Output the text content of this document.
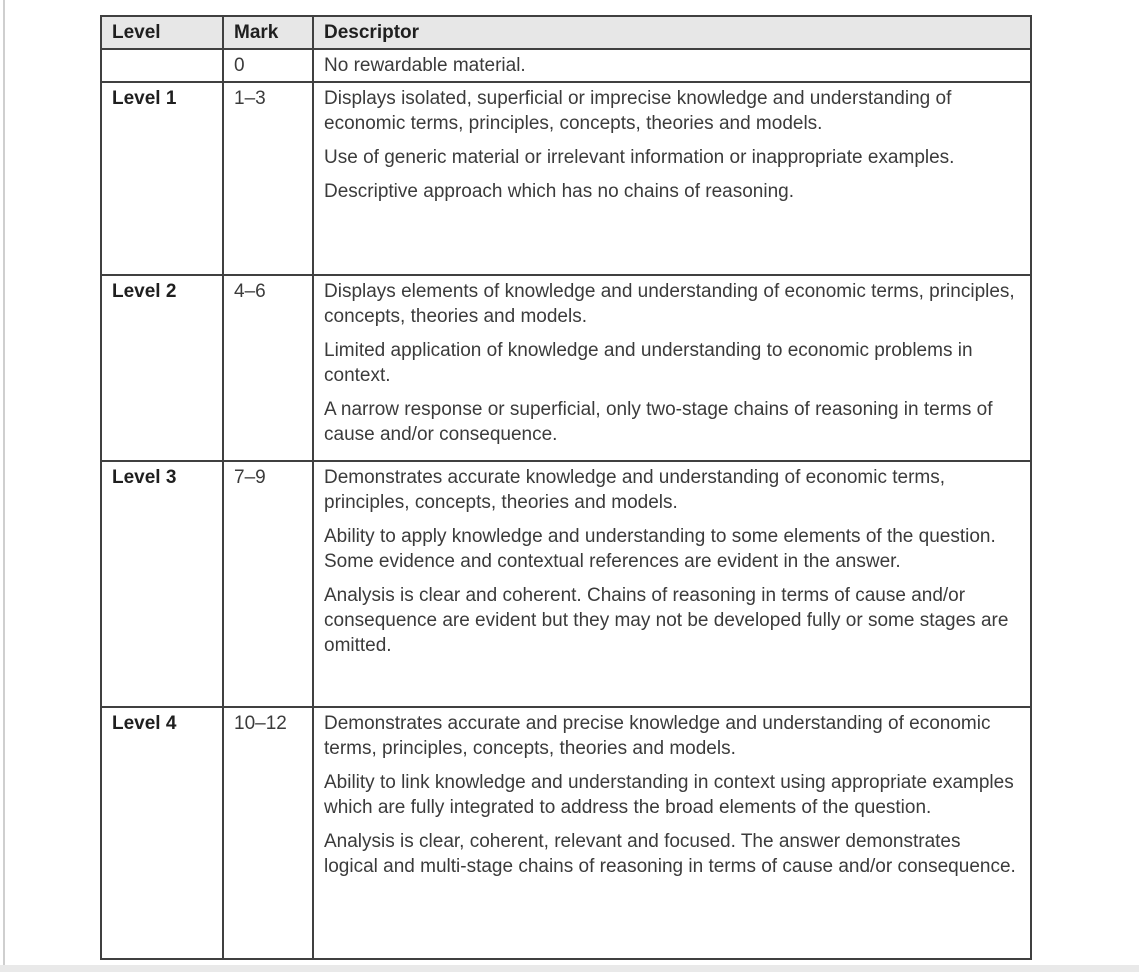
Level	Mark	Descriptor
	0	No rewardable material.

Level 1	1–3	Displays isolated, superficial or imprecise knowledge and understanding of economic terms, principles, concepts, theories and models.

Use of generic material or irrelevant information or inappropriate examples.

Descriptive approach which has no chains of reasoning.

Level 2	4–6	Displays elements of knowledge and understanding of economic terms, principles, concepts, theories and models.

Limited application of knowledge and understanding to economic problems in context.

A narrow response or superficial, only two-stage chains of reasoning in terms of cause and/or consequence.

Level 3	7–9	Demonstrates accurate knowledge and understanding of economic terms, principles, concepts, theories and models.

Ability to apply knowledge and understanding to some elements of the question. Some evidence and contextual references are evident in the answer.

Analysis is clear and coherent. Chains of reasoning in terms of cause and/or consequence are evident but they may not be developed fully or some stages are omitted.

Level 4	10–12	Demonstrates accurate and precise knowledge and understanding of economic terms, principles, concepts, theories and models.

Ability to link knowledge and understanding in context using appropriate examples which are fully integrated to address the broad elements of the question.

Analysis is clear, coherent, relevant and focused. The answer demonstrates logical and multi-stage chains of reasoning in terms of cause and/or consequence.
